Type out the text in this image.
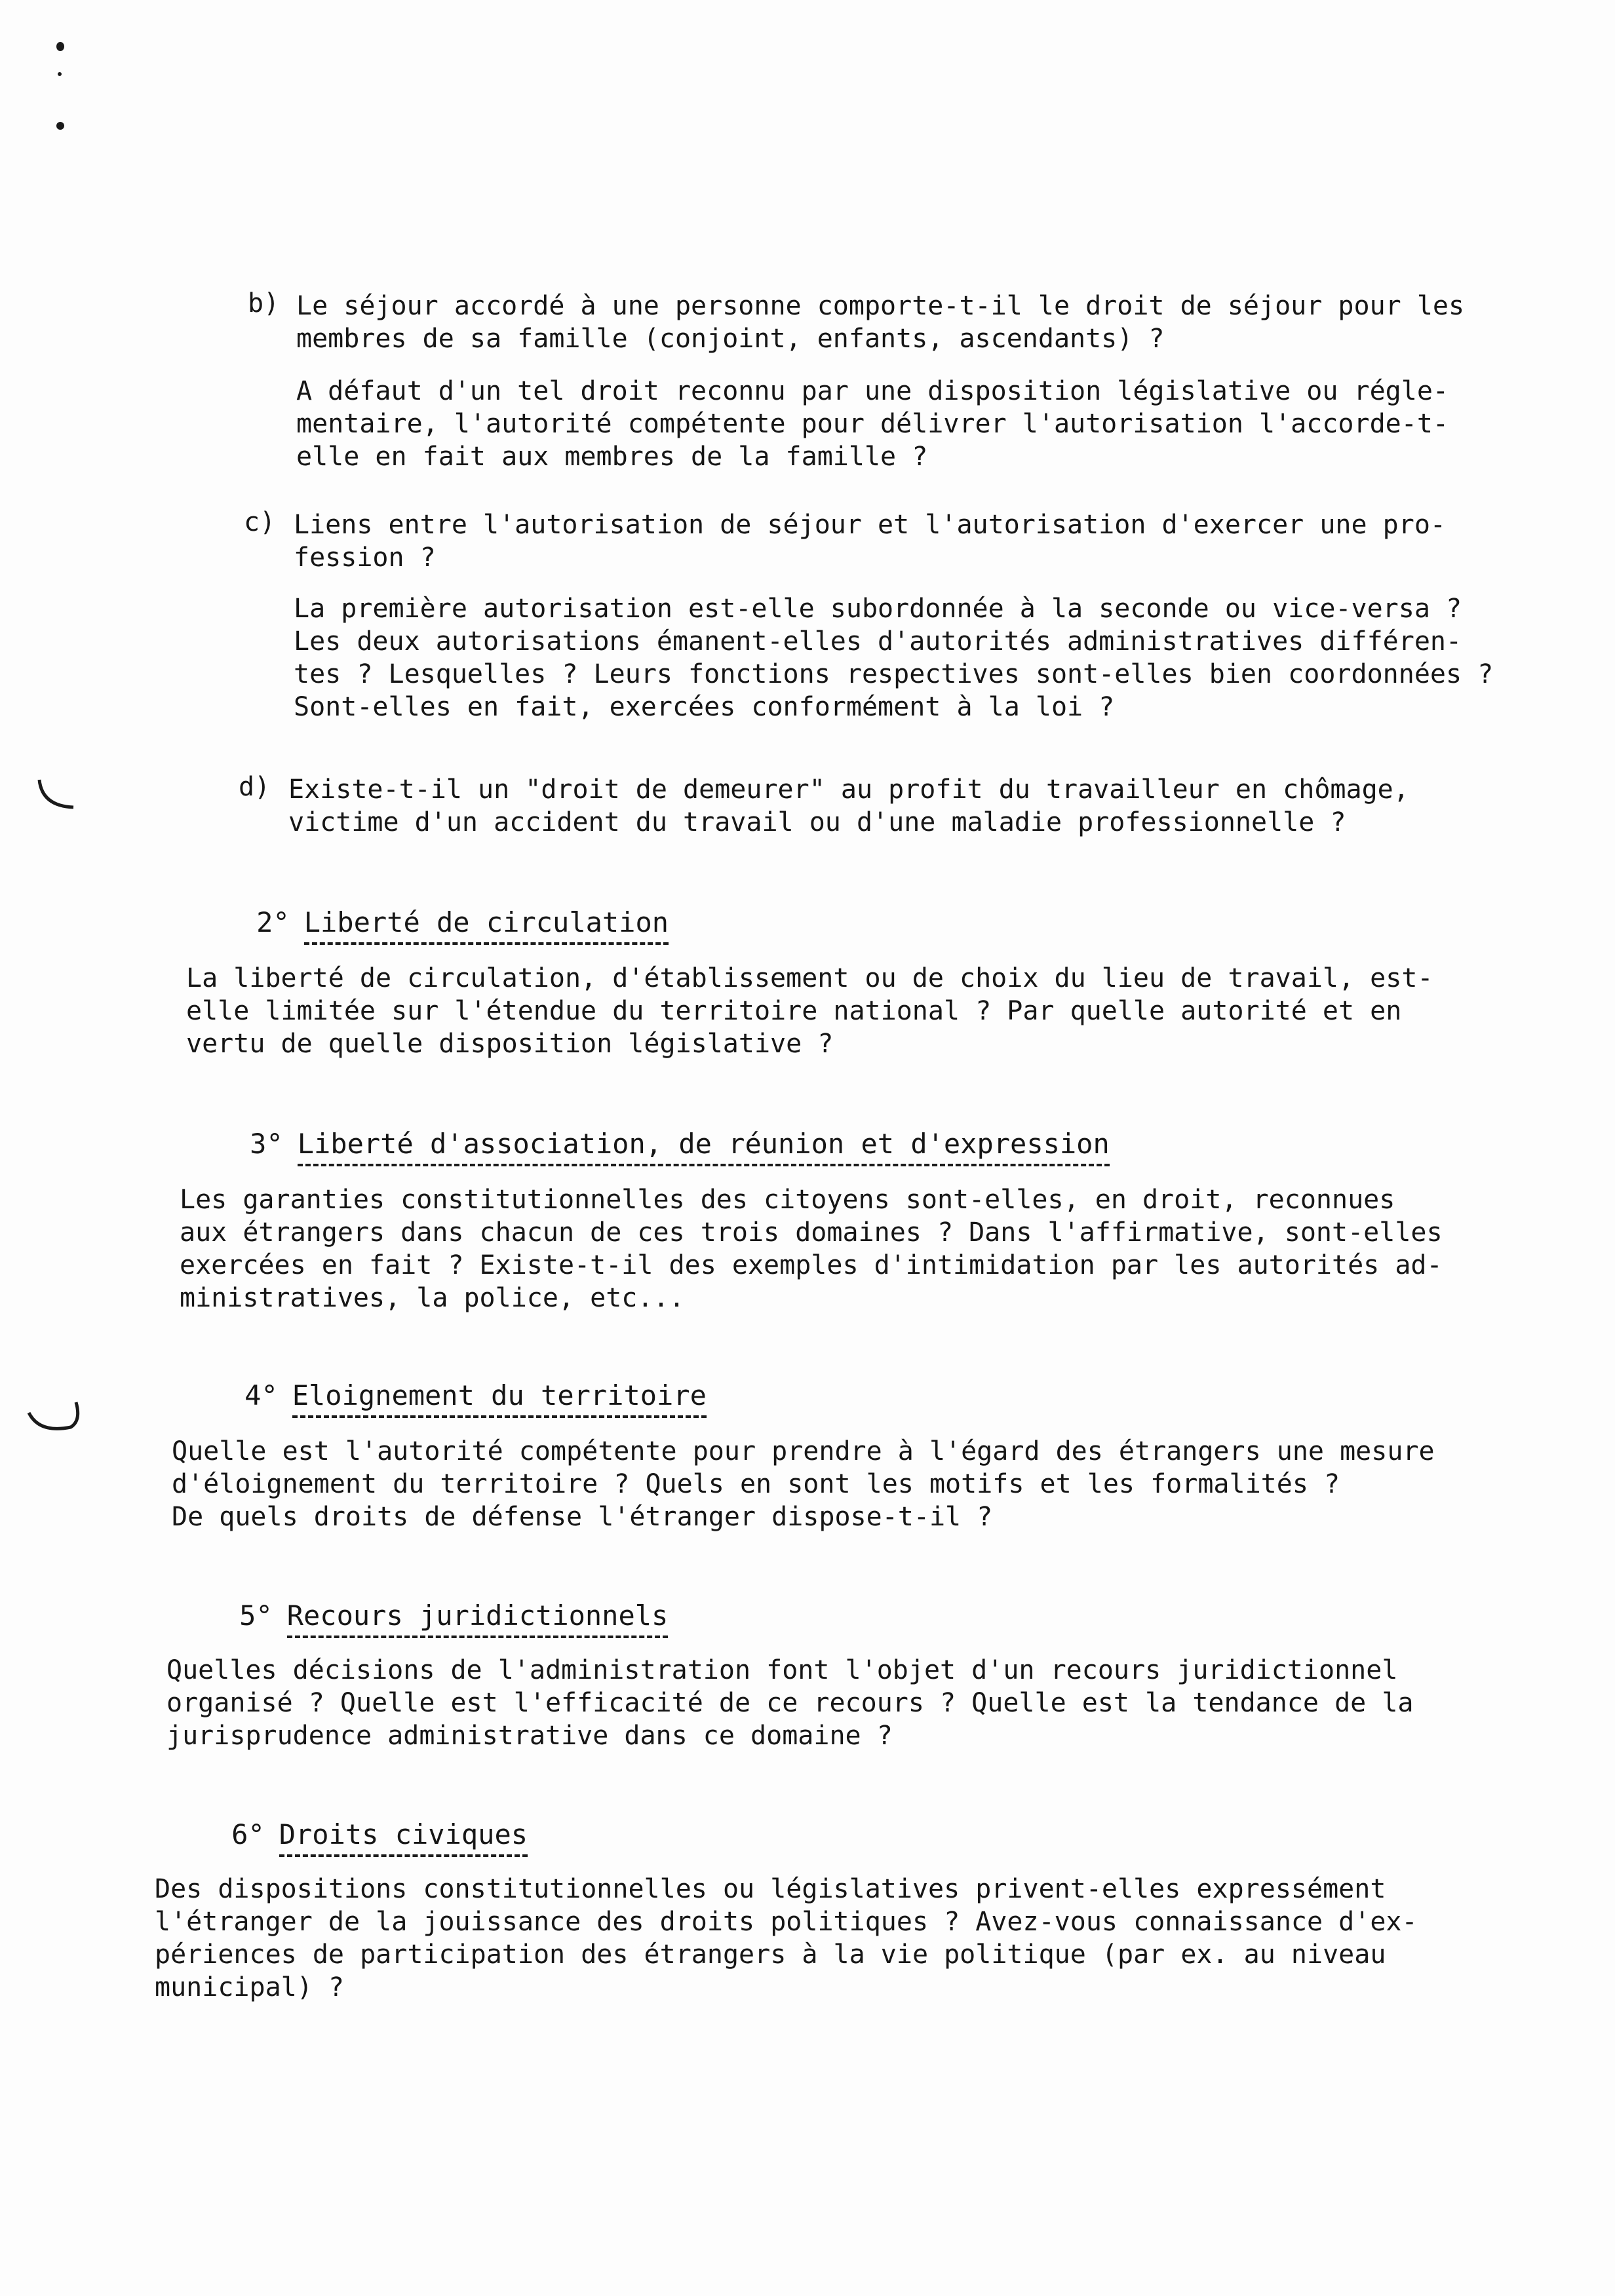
b) Le séjour accordé à une personne comporte-t-il le droit de séjour pour les
membres de sa famille (conjoint, enfants, ascendants) ?
A défaut d'un tel droit reconnu par une disposition législative ou régle-
mentaire, l'autorité compétente pour délivrer l'autorisation l'accorde-t-
elle en fait aux membres de la famille ?
c) Liens entre l'autorisation de séjour et l'autorisation d'exercer une pro-
fession ?
La première autorisation est-elle subordonnée à la seconde ou vice-versa ?
Les deux autorisations émanent-elles d'autorités administratives différen-
tes ? Lesquelles ? Leurs fonctions respectives sont-elles bien coordonnées ?
Sont-elles en fait, exercées conformément à la loi ?
d) Existe-t-il un "droit de demeurer" au profit du travailleur en chômage,
victime d'un accident du travail ou d'une maladie professionnelle ?

2° Liberté de circulation

La liberté de circulation, d'établissement ou de choix du lieu de travail, est-
elle limitée sur l'étendue du territoire national ? Par quelle autorité et en
vertu de quelle disposition législative ?

3° Liberté d'association, de réunion et d'expression

Les garanties constitutionnelles des citoyens sont-elles, en droit, reconnues
aux étrangers dans chacun de ces trois domaines ? Dans l'affirmative, sont-elles
exercées en fait ? Existe-t-il des exemples d'intimidation par les autorités ad-
ministratives, la police, etc...

4° Eloignement du territoire

Quelle est l'autorité compétente pour prendre à l'égard des étrangers une mesure
d'éloignement du territoire ? Quels en sont les motifs et les formalités ?
De quels droits de défense l'étranger dispose-t-il ?

5° Recours juridictionnels

Quelles décisions de l'administration font l'objet d'un recours juridictionnel
organisé ? Quelle est l'efficacité de ce recours ? Quelle est la tendance de la
jurisprudence administrative dans ce domaine ?

6° Droits civiques

Des dispositions constitutionnelles ou législatives privent-elles expressément
l'étranger de la jouissance des droits politiques ? Avez-vous connaissance d'ex-
périences de participation des étrangers à la vie politique (par ex. au niveau
municipal) ?
